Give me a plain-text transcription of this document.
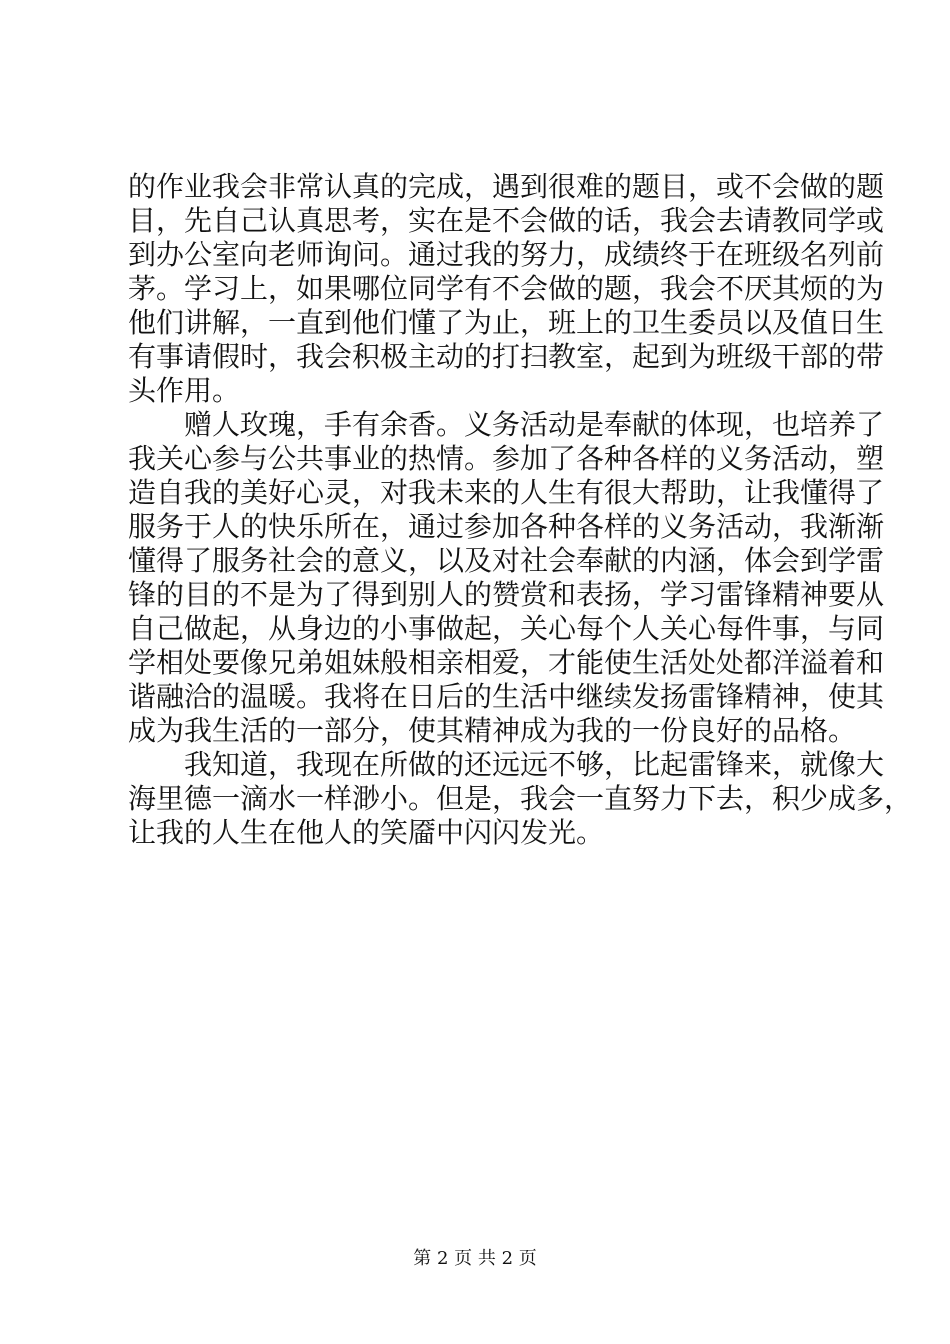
的作业我会非常认真的完成，遇到很难的题目，或不会做的题
目，先自己认真思考，实在是不会做的话，我会去请教同学或
到办公室向老师询问。通过我的努力，成绩终于在班级名列前
茅。学习上，如果哪位同学有不会做的题，我会不厌其烦的为
他们讲解，一直到他们懂了为止，班上的卫生委员以及值日生
有事请假时，我会积极主动的打扫教室，起到为班级干部的带
头作用。
赠人玫瑰，手有余香。义务活动是奉献的体现，也培养了
我关心参与公共事业的热情。参加了各种各样的义务活动，塑
造自我的美好心灵，对我未来的人生有很大帮助，让我懂得了
服务于人的快乐所在，通过参加各种各样的义务活动，我渐渐
懂得了服务社会的意义，以及对社会奉献的内涵，体会到学雷
锋的目的不是为了得到别人的赞赏和表扬，学习雷锋精神要从
自己做起，从身边的小事做起，关心每个人关心每件事，与同
学相处要像兄弟姐妹般相亲相爱，才能使生活处处都洋溢着和
谐融洽的温暖。我将在日后的生活中继续发扬雷锋精神，使其
成为我生活的一部分，使其精神成为我的一份良好的品格。
我知道，我现在所做的还远远不够，比起雷锋来，就像大
海里德一滴水一样渺小。但是，我会一直努力下去，积少成多，
让我的人生在他人的笑靥中闪闪发光。
第 2 页 共 2 页
